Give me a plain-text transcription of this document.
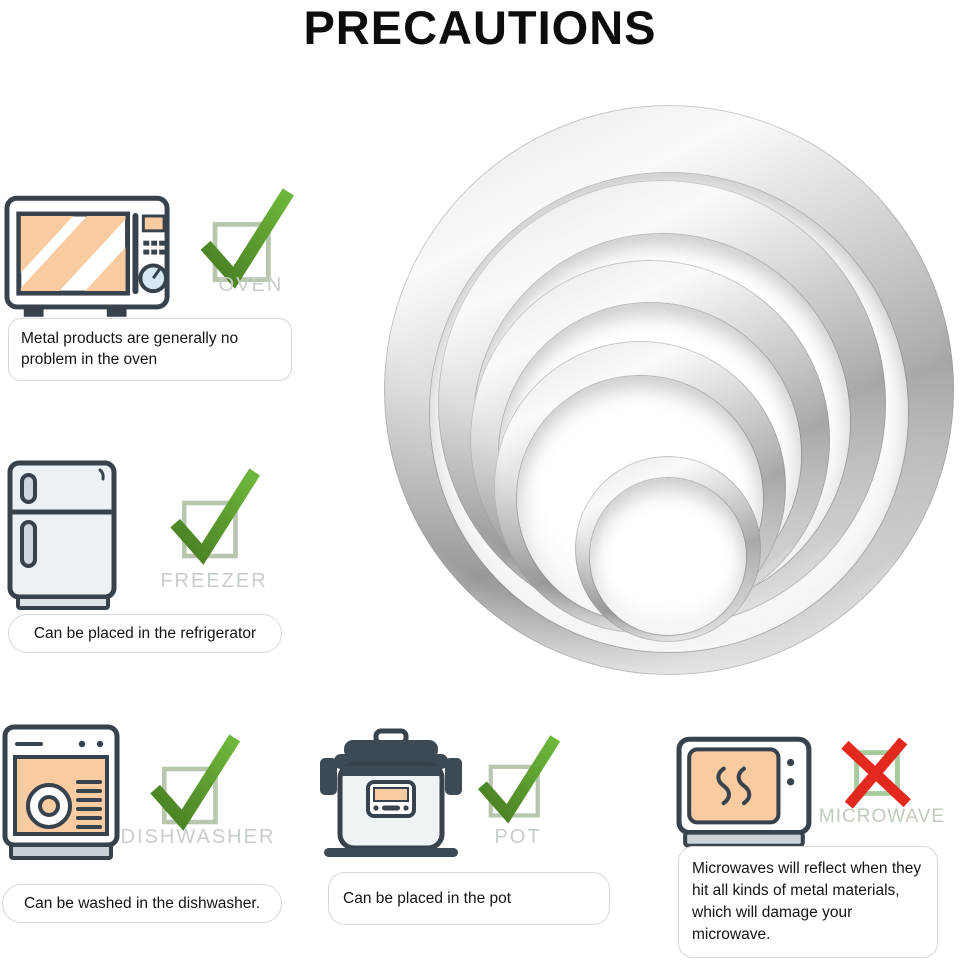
PRECAUTIONS
OVEN
Metal products are generally no problem in the oven
FREEZER
Can be placed in the refrigerator
DISHWASHER
Can be washed in the dishwasher.
POT
Can be placed in the pot
MICROWAVE
Microwaves will reflect when they hit all kinds of metal materials, which will damage your microwave.
